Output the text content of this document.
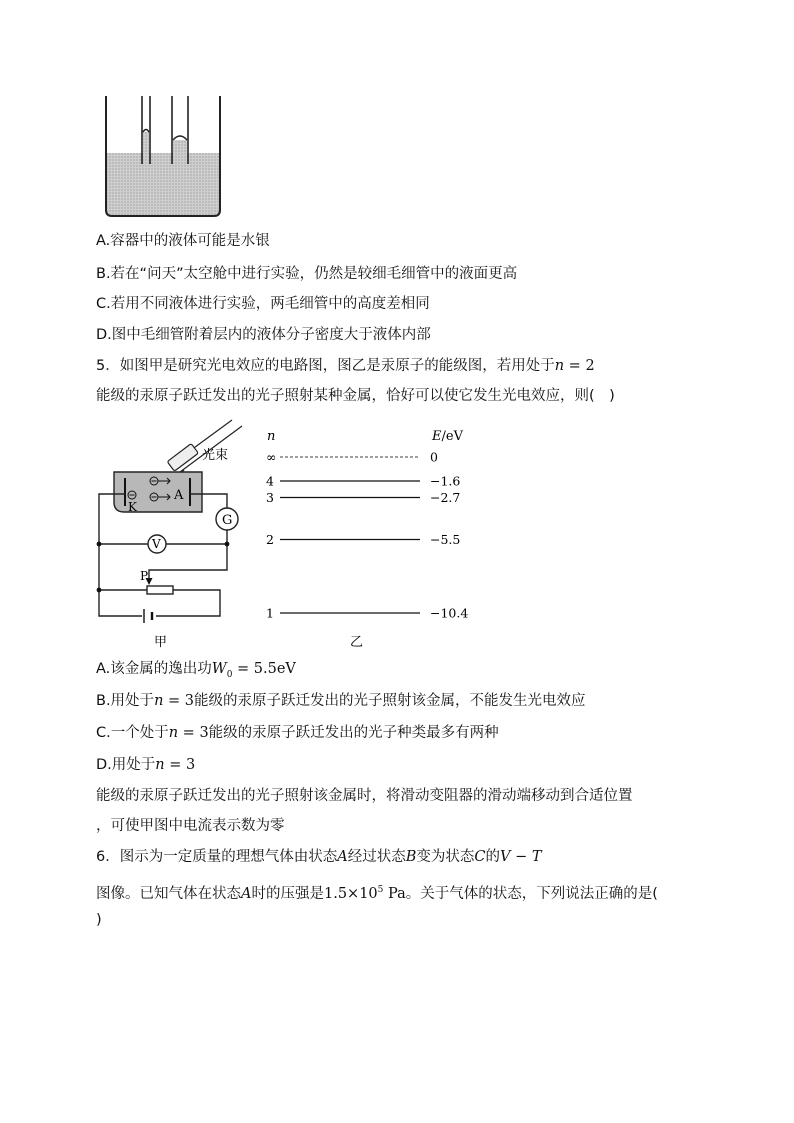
A.容器中的液体可能是水银
B.若在“问天”太空舱中进行实验，仍然是较细毛细管中的液面更高
C.若用不同液体进行实验，两毛细管中的高度差相同
D.图中毛细管附着层内的液体分子密度大于液体内部
5．如图甲是研究光电效应的电路图，图乙是汞原子的能级图，若用处于n = 2
能级的汞原子跃迁发出的光子照射某种金属，恰好可以使它发生光电效应，则(　)
光束
A
K
G
V
P
甲
n	E/eV
∞	0
4	−1.6
3	−2.7
2	−5.5
1	−10.4
乙
A.该金属的逸出功$W_0 = 5.5eV$
B.用处于n = 3能级的汞原子跃迁发出的光子照射该金属，不能发生光电效应
C.一个处于n = 3能级的汞原子跃迁发出的光子种类最多有两种
D.用处于n = 3
能级的汞原子跃迁发出的光子照射该金属时，将滑动变阻器的滑动端移动到合适位置
，可使甲图中电流表示数为零
6．图示为一定质量的理想气体由状态A经过状态B变为状态C的V − T
图像。已知气体在状态A时的压强是$1.5\times 10^5$ Pa。关于气体的状态，下列说法正确的是(
)
